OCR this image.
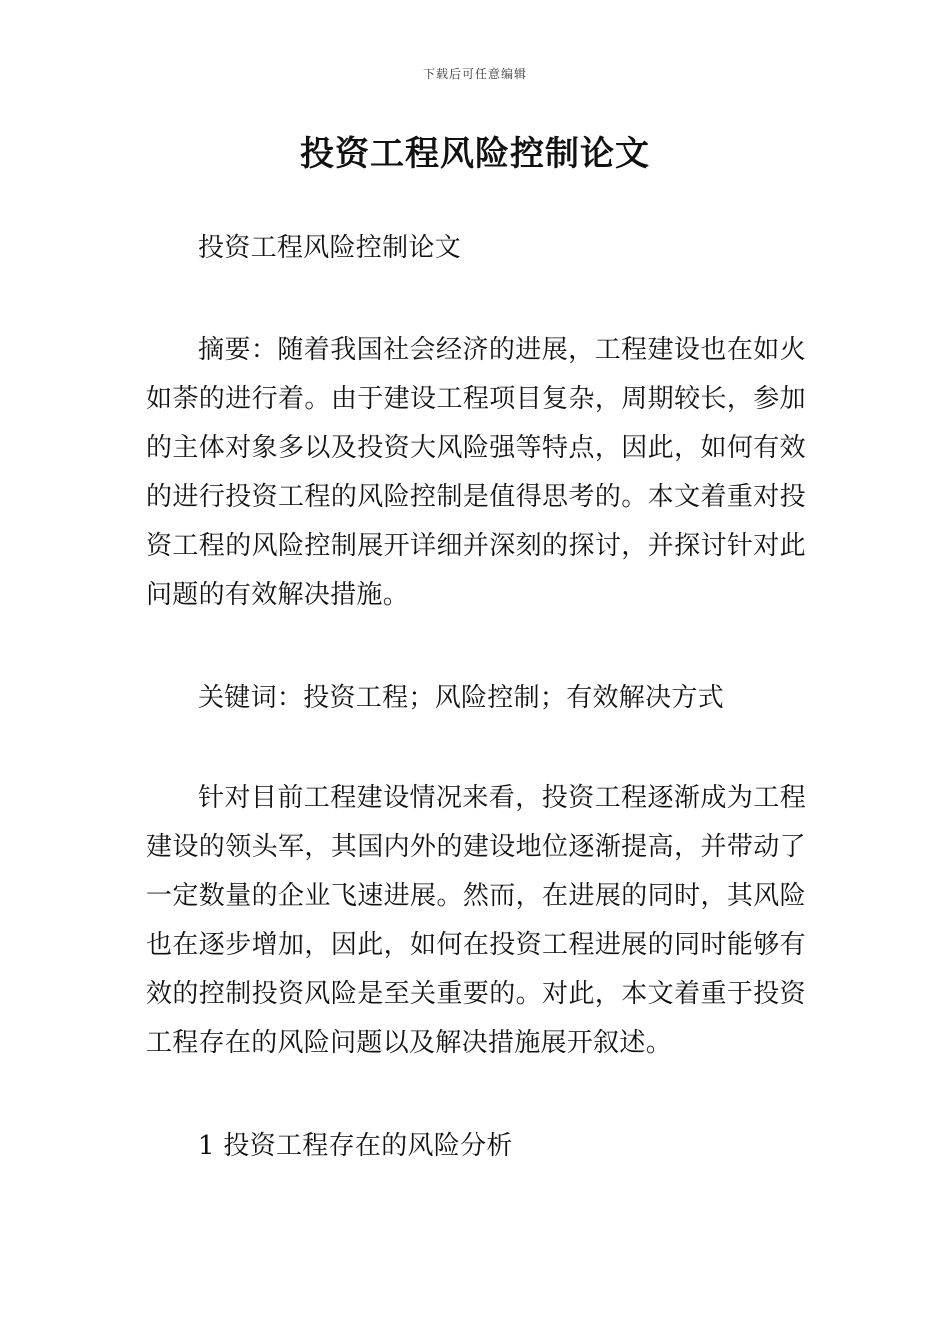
下载后可任意编辑
投资工程风险控制论文

投资工程风险控制论文

摘要：随着我国社会经济的进展，工程建设也在如火如荼的进行着。由于建设工程项目复杂，周期较长，参加的主体对象多以及投资大风险强等特点，因此，如何有效的进行投资工程的风险控制是值得思考的。本文着重对投资工程的风险控制展开详细并深刻的探讨，并探讨针对此问题的有效解决措施。

关键词：投资工程；风险控制；有效解决方式

针对目前工程建设情况来看，投资工程逐渐成为工程建设的领头军，其国内外的建设地位逐渐提高，并带动了一定数量的企业飞速进展。然而，在进展的同时，其风险也在逐步增加，因此，如何在投资工程进展的同时能够有效的控制投资风险是至关重要的。对此，本文着重于投资工程存在的风险问题以及解决措施展开叙述。

1 投资工程存在的风险分析
